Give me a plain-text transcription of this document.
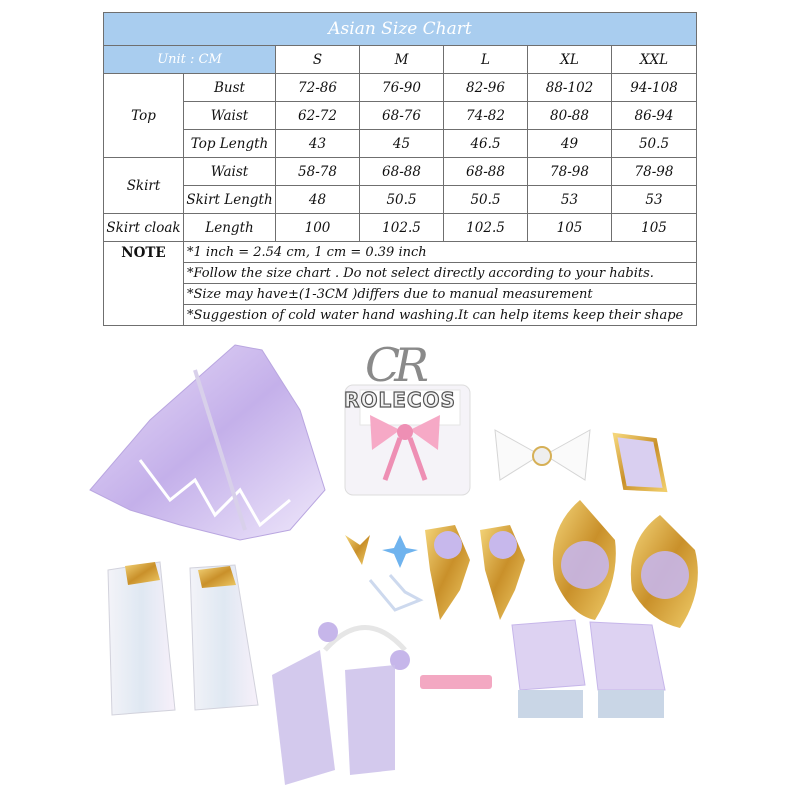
Asian Size Chart						
Unit : CM		S	M	L	XL	XXL
Top	Bust	72-86	76-90	82-96	88-102	94-108
	Waist	62-72	68-76	74-82	80-88	86-94
	Top Length	43	45	46.5	49	50.5
Skirt	Waist	58-78	68-88	68-88	78-98	78-98
	Skirt Length	48	50.5	50.5	53	53
Skirt cloak	Length	100	102.5	102.5	105	105
NOTE	*1 inch = 2.54 cm, 1 cm = 0.39 inch					
	*Follow the size chart . Do not select directly according to your habits.					
	*Size may have±(1-3CM )differs due to manual measurement					
	*Suggestion of cold water hand washing.It can help items keep their shape					
CR
ROLECOS
